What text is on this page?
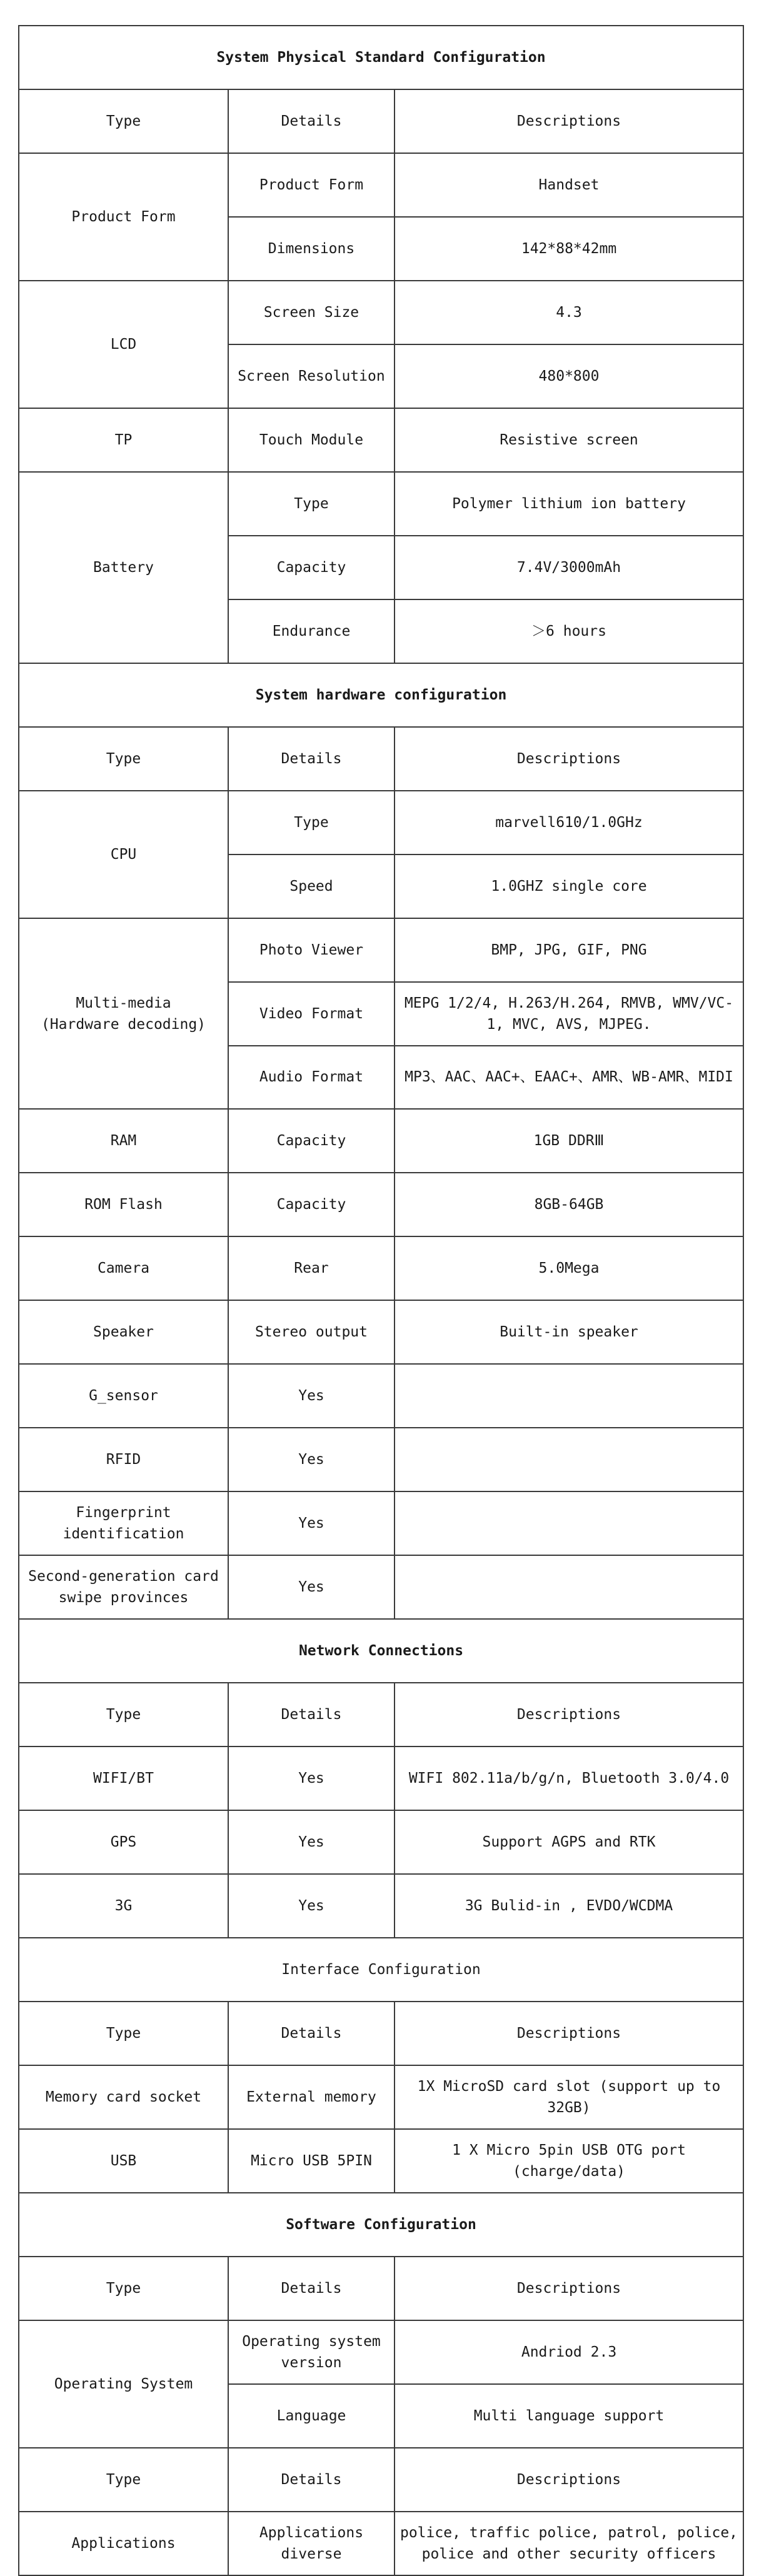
System Physical Standard Configuration		
Type	Details	Descriptions
Product Form	Product Form	Handset
	Dimensions	142*88*42mm
LCD	Screen Size	4.3
	Screen Resolution	480*800
TP	Touch Module	Resistive screen
Battery	Type	Polymer lithium ion battery
	Capacity	7.4V/3000mAh
	Endurance	＞6 hours
System hardware configuration		
Type	Details	Descriptions
CPU	Type	marvell610/1.0GHz
	Speed	1.0GHZ single core

Multi-media
(Hardware decoding)	Photo Viewer	BMP, JPG, GIF, PNG
	Video Format	MEPG 1/2/4, H.263/H.264, RMVB, WMV/VC-1, MVC, AVS, MJPEG.
	Audio Format	MP3、AAC、AAC+、EAAC+、AMR、WB-AMR、MIDI
RAM	Capacity	1GB DDRⅢ
ROM Flash	Capacity	8GB-64GB
Camera	Rear	5.0Mega
Speaker	Stereo output	Built-in speaker
G_sensor	Yes	
RFID	Yes	
Fingerprint identification	Yes	
Second-generation card swipe provinces	Yes	
Network Connections		
Type	Details	Descriptions
WIFI/BT	Yes	WIFI 802.11a/b/g/n, Bluetooth 3.0/4.0
GPS	Yes	Support AGPS and RTK
3G	Yes	3G Bulid-in , EVDO/WCDMA
Interface Configuration		
Type	Details	Descriptions
Memory card socket	External memory	1X MicroSD card slot (support up to 32GB)
USB	Micro USB 5PIN	1 X Micro 5pin USB OTG port (charge/data)
Software Configuration		
Type	Details	Descriptions
Operating System	Operating system version	Andriod 2.3
	Language	Multi language support
Type	Details	Descriptions
Applications	Applications diverse	police, traffic police, patrol, police, police and other security officers
